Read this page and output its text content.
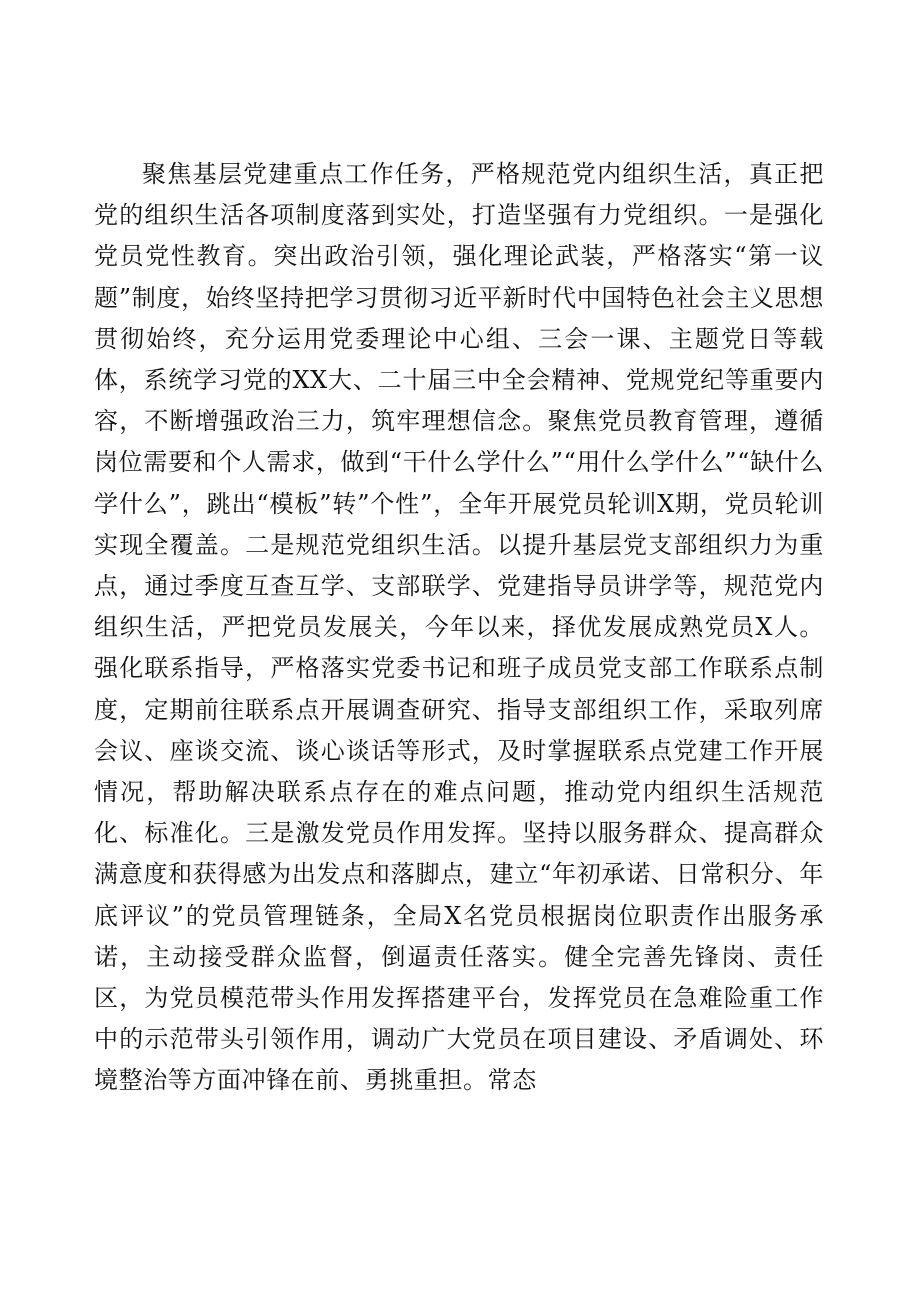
聚焦基层党建重点工作任务，严格规范党内组织生活，真正把党的组织生活各项制度落到实处，打造坚强有力党组织。一是强化党员党性教育。突出政治引领，强化理论武装，严格落实“第一议题”制度，始终坚持把学习贯彻习近平新时代中国特色社会主义思想贯彻始终，充分运用党委理论中心组、三会一课、主题党日等载体，系统学习党的XX大、二十届三中全会精神、党规党纪等重要内容，不断增强政治三力，筑牢理想信念。聚焦党员教育管理，遵循岗位需要和个人需求，做到“干什么学什么”“用什么学什么”“缺什么学什么”，跳出“模板”转”个性”，全年开展党员轮训X期，党员轮训实现全覆盖。二是规范党组织生活。以提升基层党支部组织力为重点，通过季度互查互学、支部联学、党建指导员讲学等，规范党内组织生活，严把党员发展关，今年以来，择优发展成熟党员X人。强化联系指导，严格落实党委书记和班子成员党支部工作联系点制度，定期前往联系点开展调查研究、指导支部组织工作，采取列席会议、座谈交流、谈心谈话等形式，及时掌握联系点党建工作开展情况，帮助解决联系点存在的难点问题，推动党内组织生活规范化、标准化。三是激发党员作用发挥。坚持以服务群众、提高群众满意度和获得感为出发点和落脚点，建立“年初承诺、日常积分、年底评议”的党员管理链条，全局X名党员根据岗位职责作出服务承诺，主动接受群众监督，倒逼责任落实。健全完善先锋岗、责任区，为党员模范带头作用发挥搭建平台，发挥党员在急难险重工作中的示范带头引领作用，调动广大党员在项目建设、矛盾调处、环境整治等方面冲锋在前、勇挑重担。常态
